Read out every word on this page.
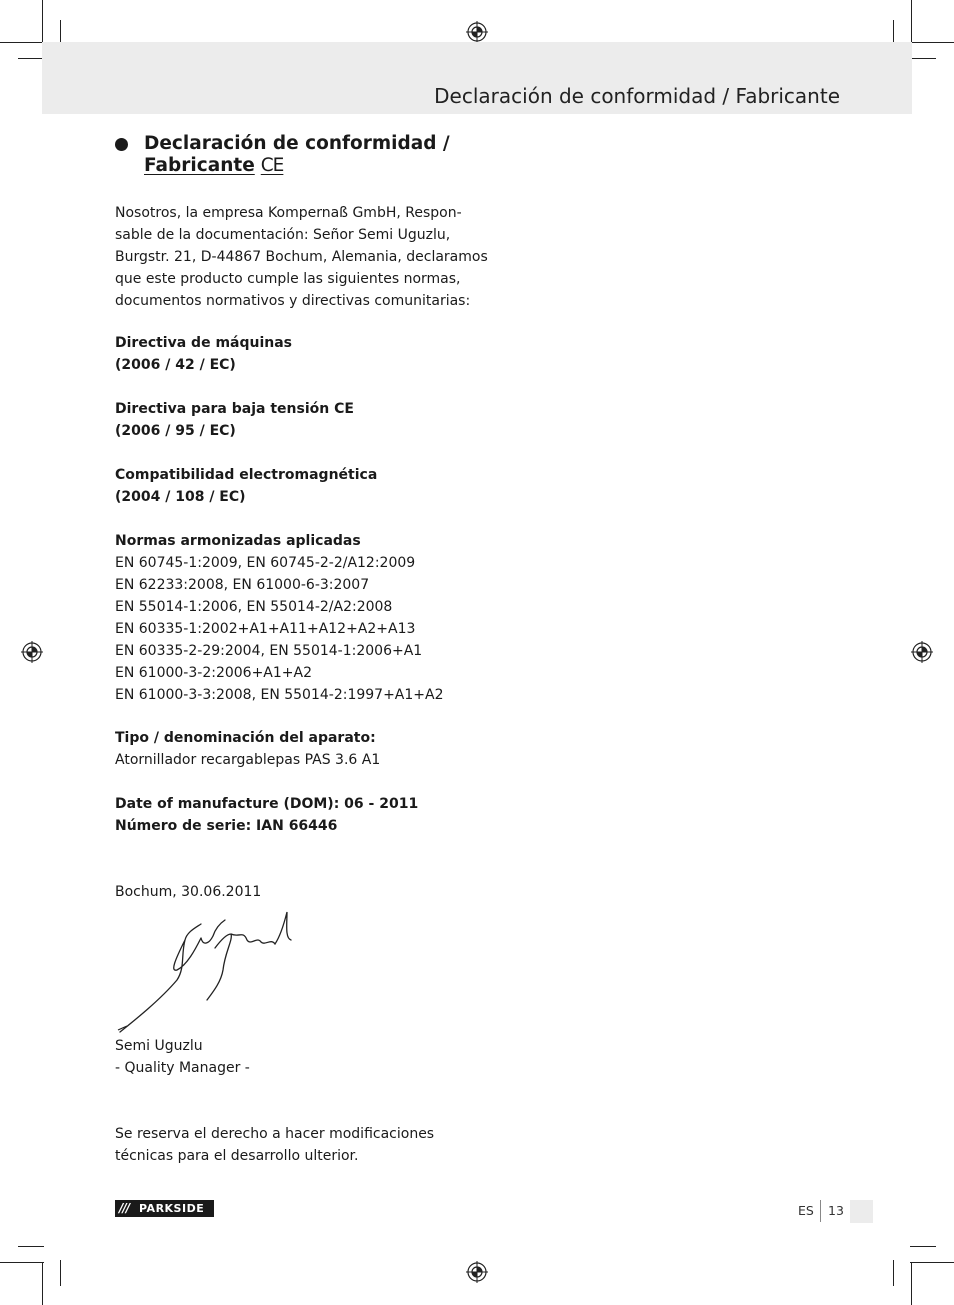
Declaración de conformidad / Fabricante
Declaración de conformidad /
Fabricante CE
Nosotros, la empresa Kompernaß GmbH, Respon-
sable de la documentación: Señor Semi Uguzlu,
Burgstr. 21, D-44867 Bochum, Alemania, declaramos
que este producto cumple las siguientes normas,
documentos normativos y directivas comunitarias:
Directiva de máquinas
(2006 / 42 / EC)
Directiva para baja tensión CE
(2006 / 95 / EC)
Compatibilidad electromagnética
(2004 / 108 / EC)
Normas armonizadas aplicadas
EN 60745-1:2009, EN 60745-2-2/A12:2009
EN 62233:2008, EN 61000-6-3:2007
EN 55014-1:2006, EN 55014-2/A2:2008
EN 60335-1:2002+A1+A11+A12+A2+A13
EN 60335-2-29:2004, EN 55014-1:2006+A1
EN 61000-3-2:2006+A1+A2
EN 61000-3-3:2008, EN 55014-2:1997+A1+A2
Tipo / denominación del aparato:
Atornillador recargablepas PAS 3.6 A1
Date of manufacture (DOM): 06 - 2011
Número de serie: IAN 66446
Bochum, 30.06.2011
Semi Uguzlu
- Quality Manager -
Se reserva el derecho a hacer modificaciones
técnicas para el desarrollo ulterior.
/// PARKSIDE	ES 13
